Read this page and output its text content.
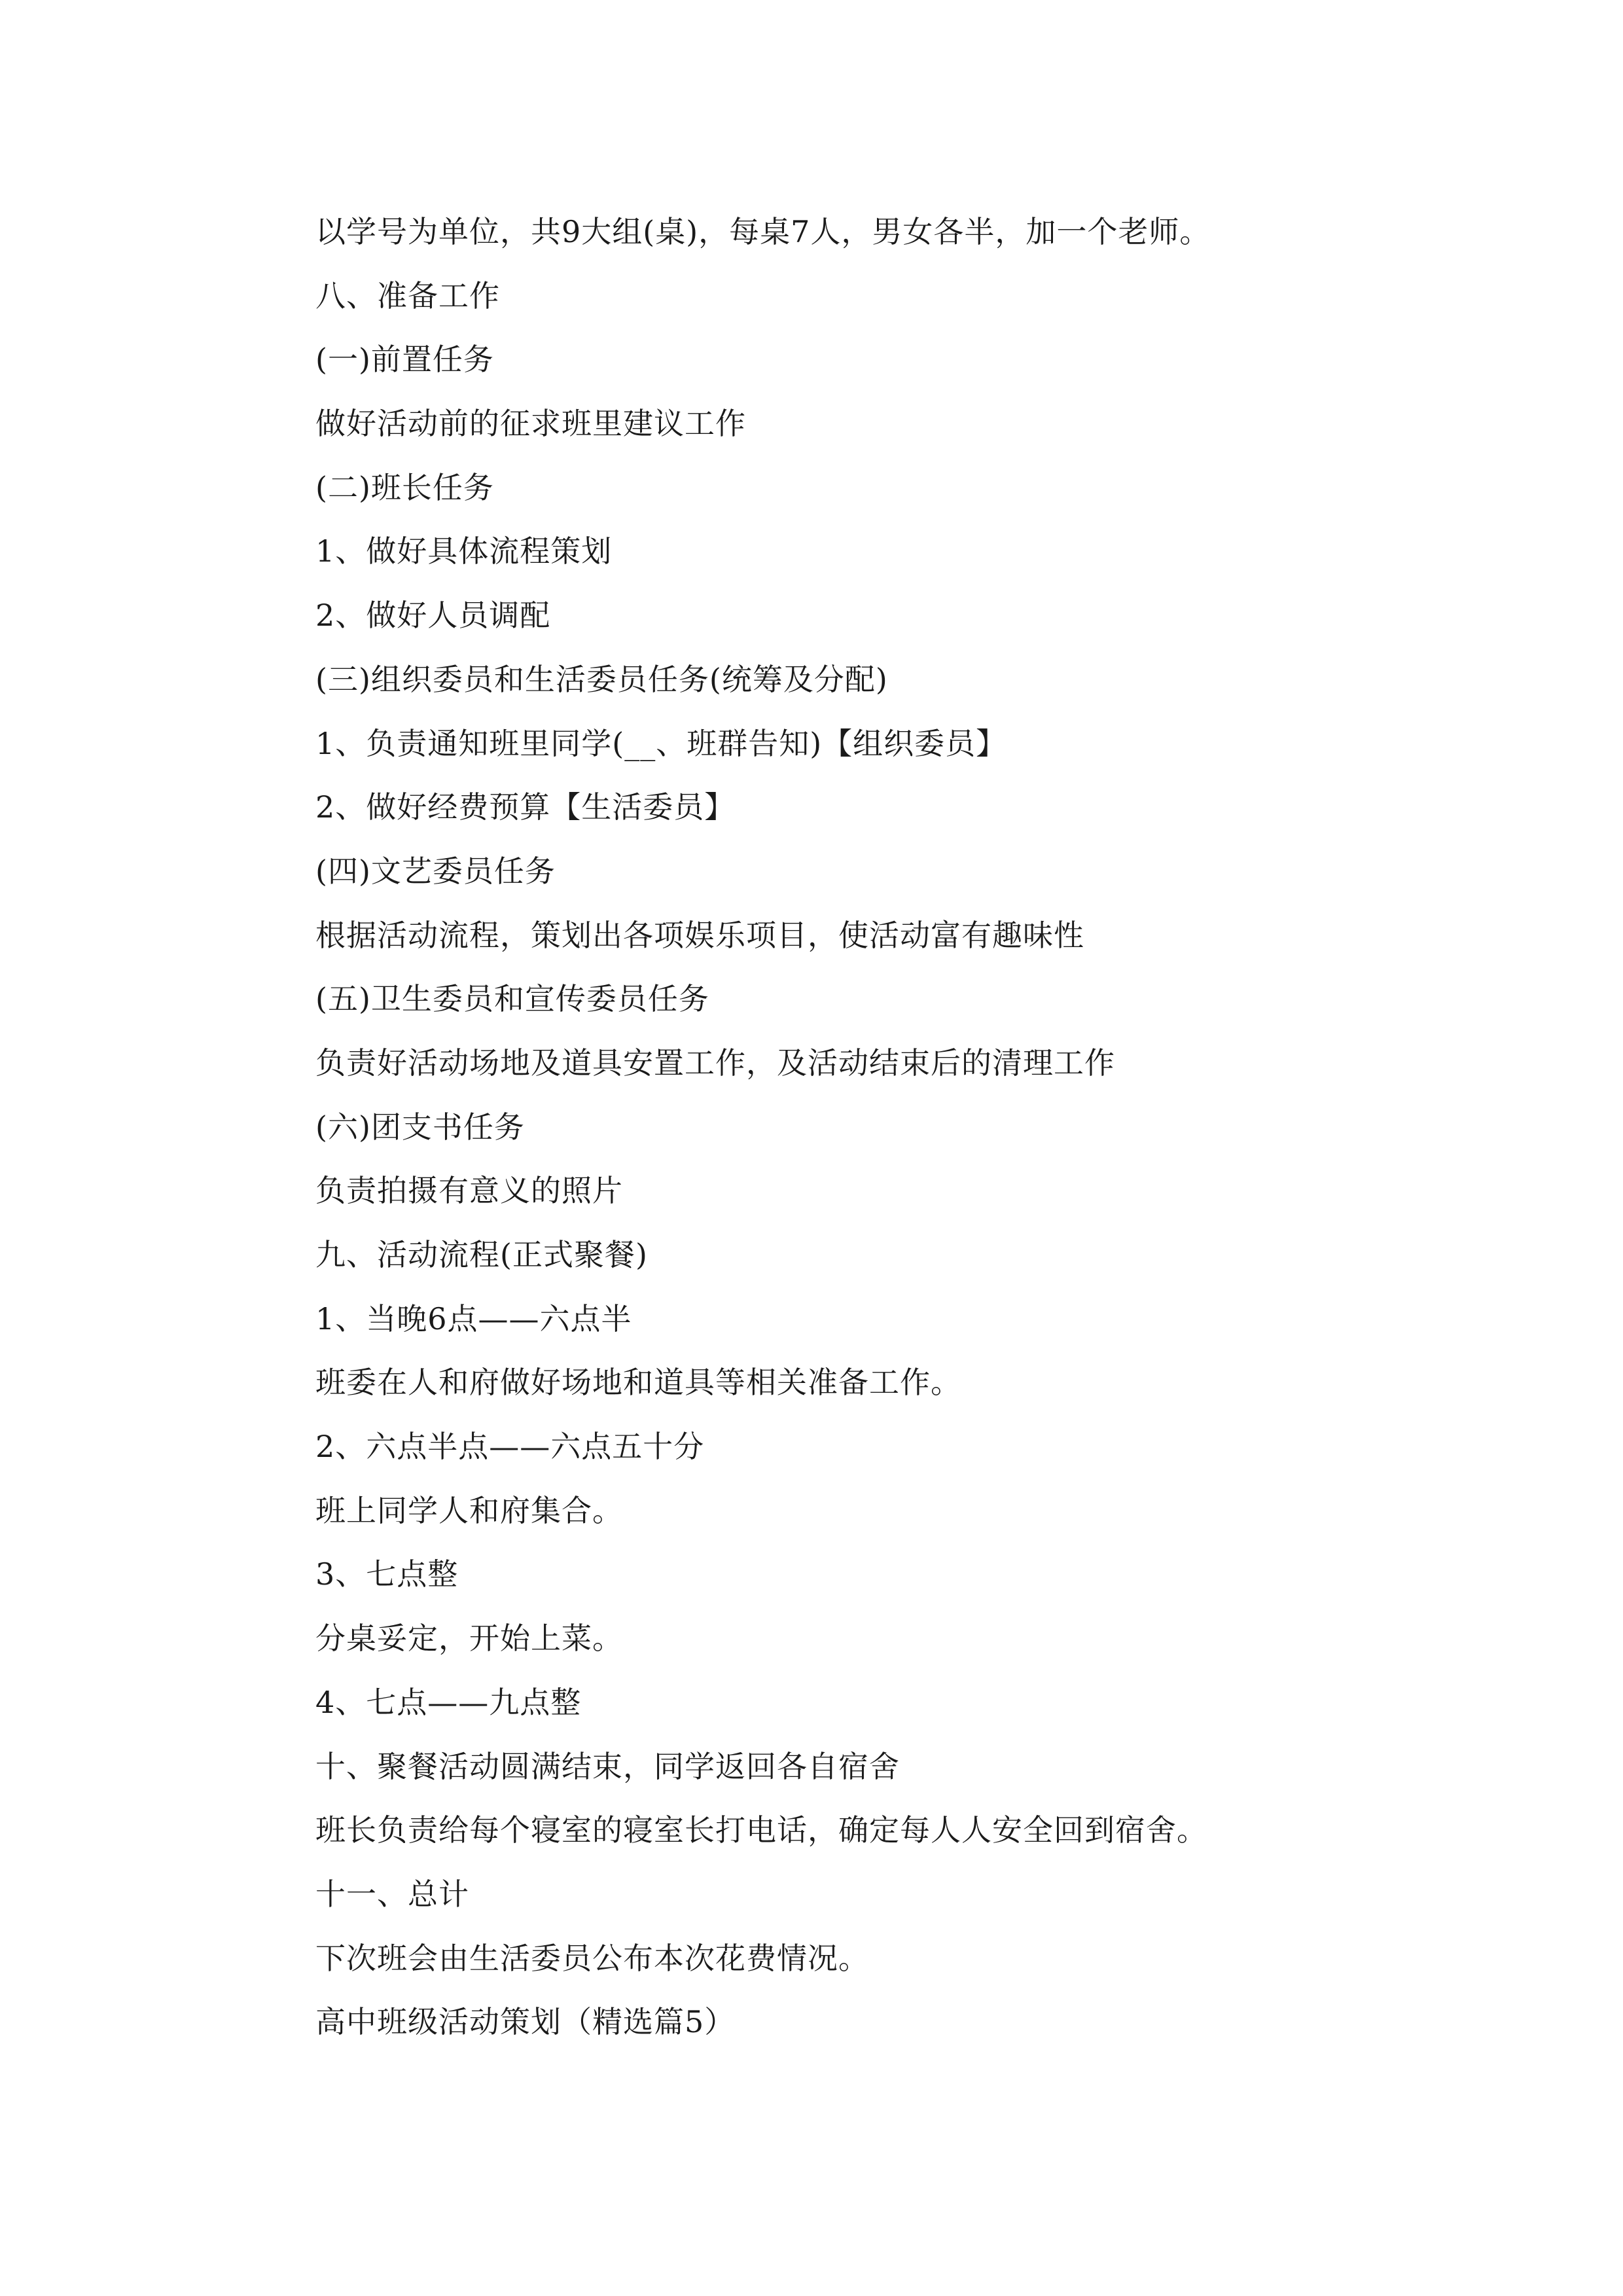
以学号为单位，共9大组(桌)，每桌7人，男女各半，加一个老师。
八、准备工作
(一)前置任务
做好活动前的征求班里建议工作
(二)班长任务
1、做好具体流程策划
2、做好人员调配
(三)组织委员和生活委员任务(统筹及分配)
1、负责通知班里同学(__、班群告知)【组织委员】
2、做好经费预算【生活委员】
(四)文艺委员任务
根据活动流程，策划出各项娱乐项目，使活动富有趣味性
(五)卫生委员和宣传委员任务
负责好活动场地及道具安置工作，及活动结束后的清理工作
(六)团支书任务
负责拍摄有意义的照片
九、活动流程(正式聚餐)
1、当晚6点——六点半
班委在人和府做好场地和道具等相关准备工作。
2、六点半点——六点五十分
班上同学人和府集合。
3、七点整
分桌妥定，开始上菜。
4、七点——九点整
十、聚餐活动圆满结束，同学返回各自宿舍
班长负责给每个寝室的寝室长打电话，确定每人人安全回到宿舍。
十一、总计
下次班会由生活委员公布本次花费情况。
高中班级活动策划（精选篇5）
